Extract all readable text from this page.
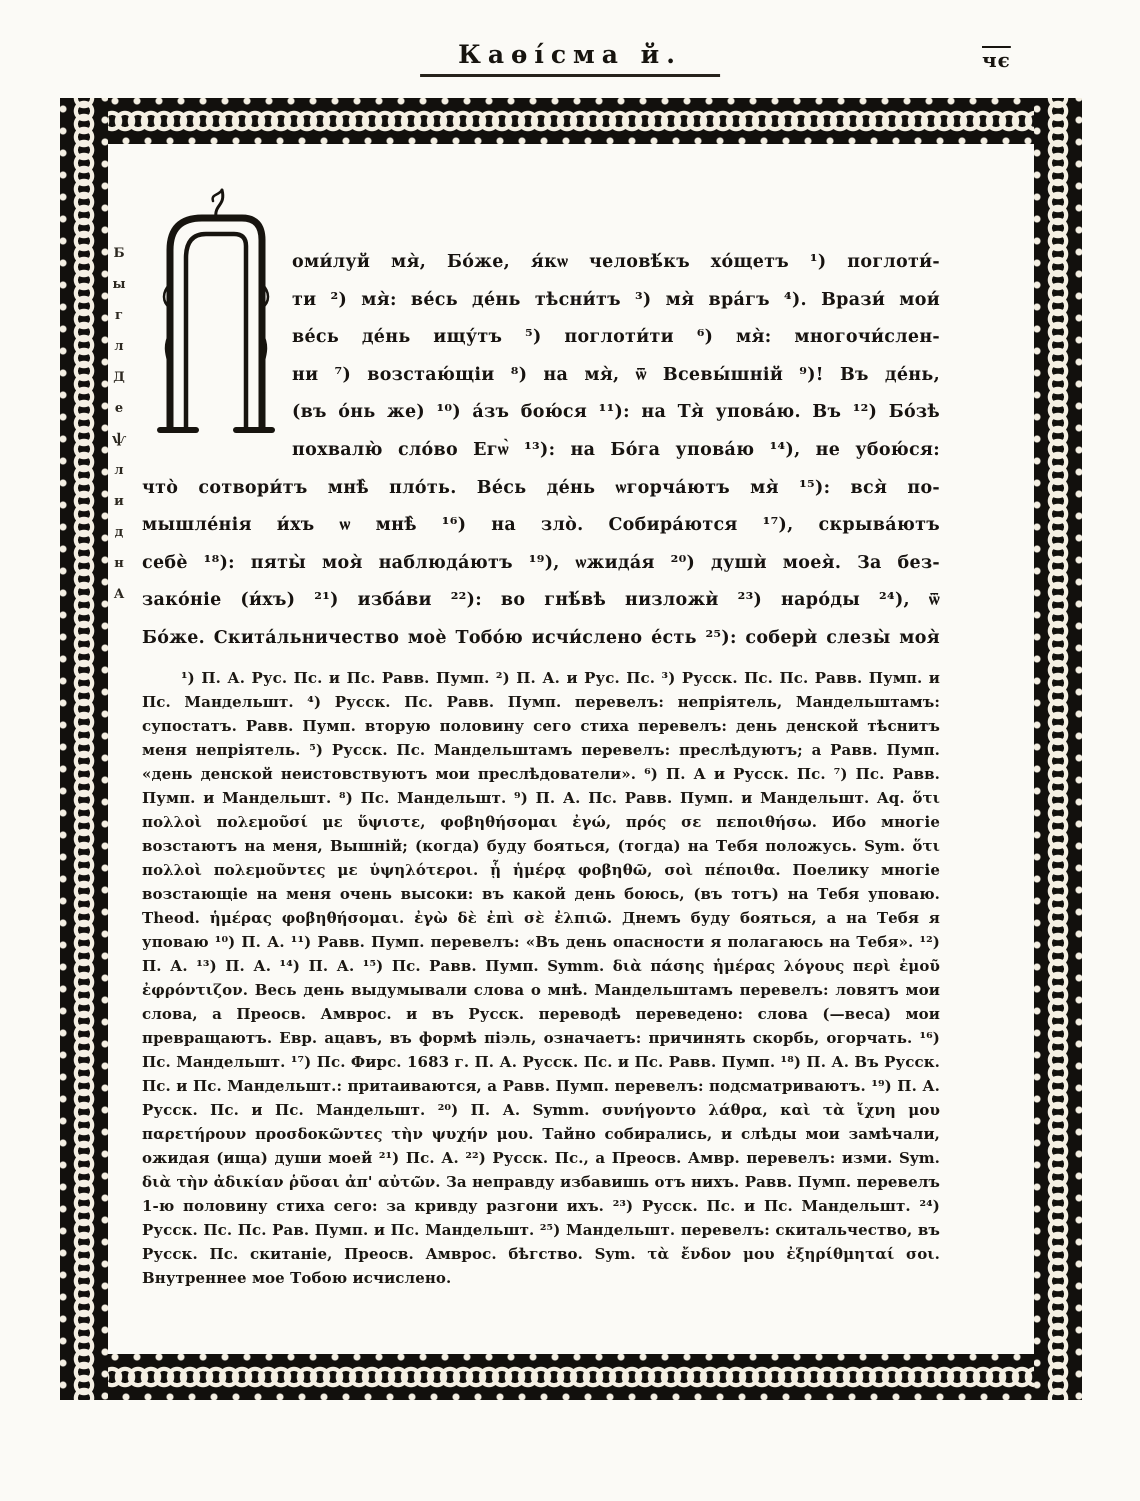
Каѳі́сма й.	чє
Б
ы
г
л
Д
е
ѱ
л
и
д
н
А
оми́луй мя̀, Бо́же, я́кѡ человѣ́къ хо́щетъ ¹) поглоти́-
ти ²) мя̀: ве́сь де́нь тѣсни́тъ ³) мя̀ вра́гъ ⁴). Врази́ мои́
ве́сь де́нь ищу́тъ ⁵) поглоти́ти ⁶) мя̀: многочи́слен-
ни ⁷) возстаю́щіи ⁸) на мя̀, ѿ Всевы́шній ⁹)! Въ де́нь,
(въ о́нь же) ¹⁰) а́зъ бою́ся ¹¹): на Тя̀ упова́ю. Въ ¹²) Бо́зѣ
похвалю̀ сло́во Егѡ̀ ¹³): на Бо́га упова́ю ¹⁴), не убою́ся:
что̀ сотвори́тъ мнѣ̀ пло́ть. Ве́сь де́нь ѡгорча́ютъ мя̀ ¹⁵): вся̀ по-
мышле́нія и́хъ ѡ мнѣ̀ ¹⁶) на зло̀. Собира́ются ¹⁷), скрыва́ютъ
себѐ ¹⁸): пяты̀ моя̀ наблюда́ютъ ¹⁹), ѡжида́я ²⁰) душѝ моея̀. За без-
зако́ніе (и́хъ) ²¹) изба́ви ²²): во гнѣ́вѣ низложѝ ²³) наро́ды ²⁴), ѿ
Бо́же. Скита́льничество моѐ Тобо́ю исчи́слено е́сть ²⁵): соберѝ слезы̀ моя̀
¹) П. А. Рус. Пс. и Пс. Равв. Пумп. ²) П. А. и Рус. Пс. ³) Русск. Пс. Пс. Равв. Пумп. и Пс. Мандельшт. ⁴) Русск. Пс. Равв. Пумп. перевелъ: непріятель, Мандельштамъ: супостатъ. Равв. Пумп. вторую половину сего стиха перевелъ: день денской тѣснитъ меня непріятель. ⁵) Русск. Пс. Мандельштамъ перевелъ: преслѣдуютъ; а Равв. Пумп. «день денской неистовствуютъ мои преслѣдователи». ⁶) П. А и Русск. Пс. ⁷) Пс. Равв. Пумп. и Мандельшт. ⁸) Пс. Мандельшт. ⁹) П. А. Пс. Равв. Пумп. и Мандельшт. Aq. ὅτι πολλοὶ πολεμοῦσί με ὕψιστε, φοβηθήσομαι ἐγώ, πρός σε πεποιθήσω. Ибо многіе возстаютъ на меня, Вышній; (когда) буду бояться, (тогда) на Тебя положусь. Sym. ὅτι πολλοὶ πολεμοῦντες με ὑψηλότεροι. ᾗ ἡμέρᾳ φοβηθῶ, σοὶ πέποιθα. Поелику многіе возстающіе на меня очень высоки: въ какой день боюсь, (въ тотъ) на Тебя уповаю. Theod. ἡμέρας φοβηθήσομαι. ἐγὼ δὲ ἐπὶ σὲ ἐλπιῶ. Днемъ буду бояться, а на Тебя я уповаю ¹⁰) П. А. ¹¹) Равв. Пумп. перевелъ: «Въ день опасности я полагаюсь на Тебя». ¹²) П. А. ¹³) П. А. ¹⁴) П. А. ¹⁵) Пс. Равв. Пумп. Symm. διὰ πάσης ἡμέρας λόγους περὶ ἐμοῦ ἐφρόντιζον. Весь день выдумывали слова о мнѣ. Мандельштамъ перевелъ: ловятъ мои слова, а Преосв. Амврос. и въ Русск. переводѣ переведено: слова (—веса) мои превращаютъ. Евр. ацавъ, въ формѣ піэль, означаетъ: причинять скорбь, огорчать. ¹⁶) Пс. Мандельшт. ¹⁷) Пс. Фирс. 1683 г. П. А. Русск. Пс. и Пс. Равв. Пумп. ¹⁸) П. А. Въ Русск. Пс. и Пс. Мандельшт.: притаиваются, а Равв. Пумп. перевелъ: подсматриваютъ. ¹⁹) П. А. Русск. Пс. и Пс. Мандельшт. ²⁰) П. А. Symm. συνήγοντο λάθρα, καὶ τὰ ἴχνη μου παρετήρουν προσδοκῶντες τὴν ψυχήν μου. Тайно собирались, и слѣды мои замѣчали, ожидая (ища) души моей ²¹) Пс. А. ²²) Русск. Пс., а Преосв. Амвр. перевелъ: изми. Sym. διὰ τὴν ἀδικίαν ῥῦσαι ἀπ' αὐτῶν. За неправду избавишь отъ нихъ. Равв. Пумп. перевелъ 1-ю половину стиха сего: за кривду разгони ихъ. ²³) Русск. Пс. и Пс. Мандельшт. ²⁴) Русск. Пс. Пс. Рав. Пумп. и Пс. Мандельшт. ²⁵) Мандельшт. перевелъ: скитальчество, въ Русск. Пс. скитаніе, Преосв. Амврос. бѣгство. Sym. τὰ ἔνδον μου ἐξηρίθμηταί σοι. Внутреннее мое Тобою исчислено.
